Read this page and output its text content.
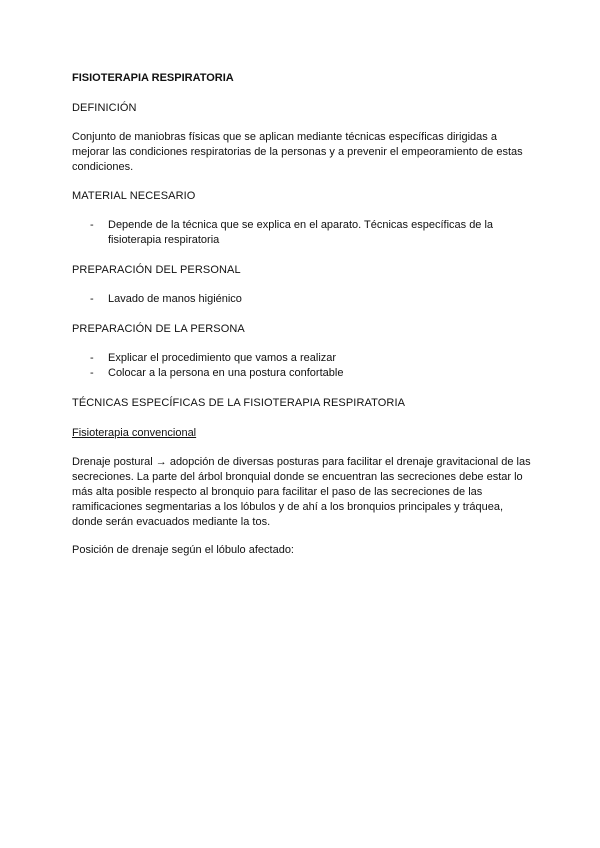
FISIOTERAPIA RESPIRATORIA
DEFINICIÓN
Conjunto de maniobras físicas que se aplican mediante técnicas específicas dirigidas a mejorar las condiciones respiratorias de la personas y a prevenir el empeoramiento de estas condiciones.
MATERIAL NECESARIO
- Depende de la técnica que se explica en el aparato. Técnicas específicas de la fisioterapia respiratoria
PREPARACIÓN DEL PERSONAL
- Lavado de manos higiénico
PREPARACIÓN DE LA PERSONA
- Explicar el procedimiento que vamos a realizar
- Colocar a la persona en una postura confortable
TÉCNICAS ESPECÍFICAS DE LA FISIOTERAPIA RESPIRATORIA
Fisioterapia convencional
Drenaje postural → adopción de diversas posturas para facilitar el drenaje gravitacional de las secreciones. La parte del árbol bronquial donde se encuentran las secreciones debe estar lo más alta posible respecto al bronquio para facilitar el paso de las secreciones de las ramificaciones segmentarias a los lóbulos y de ahí a los bronquios principales y tráquea, donde serán evacuados mediante la tos.
Posición de drenaje según el lóbulo afectado:
